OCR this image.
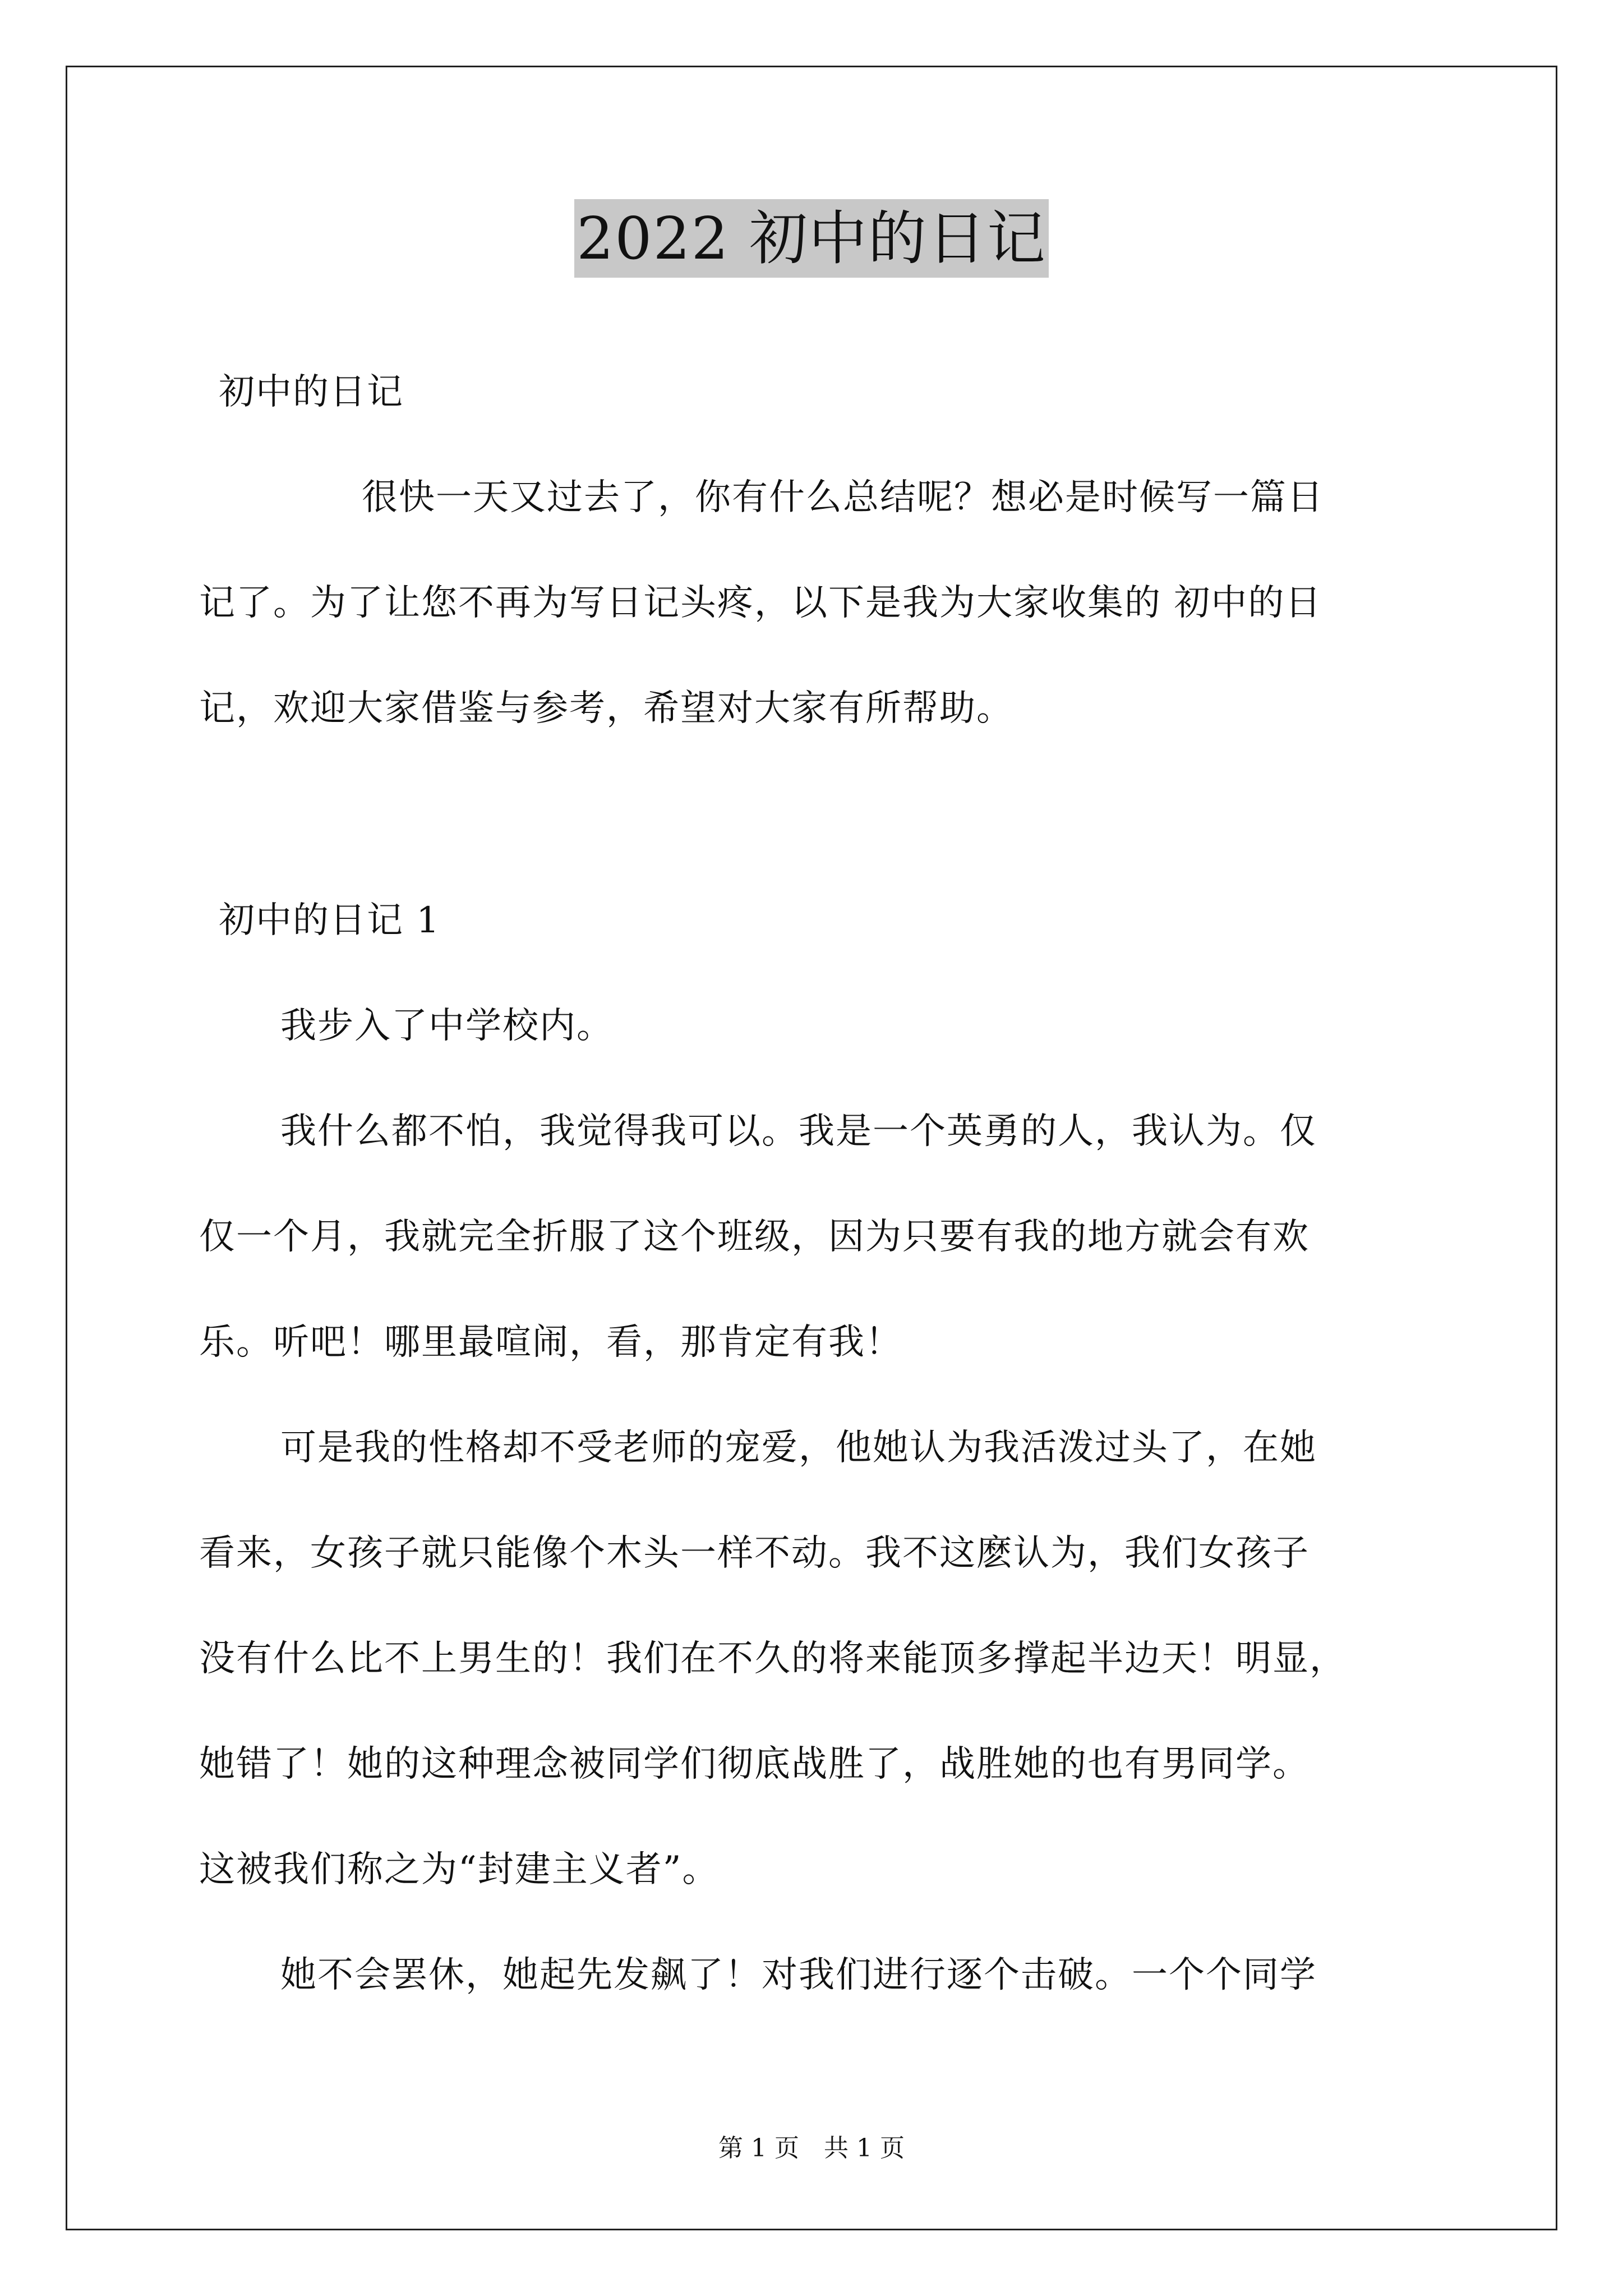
2022 初中的日记
初中的日记
很快一天又过去了，你有什么总结呢？想必是时候写一篇日
记了。为了让您不再为写日记头疼，以下是我为大家收集的 初中的日
记，欢迎大家借鉴与参考，希望对大家有所帮助。
初中的日记 1
我步入了中学校内。
我什么都不怕，我觉得我可以。我是一个英勇的人，我认为。仅
仅一个月，我就完全折服了这个班级，因为只要有我的地方就会有欢
乐。听吧！哪里最喧闹，看，那肯定有我！
可是我的性格却不受老师的宠爱，他她认为我活泼过头了，在她
看来，女孩子就只能像个木头一样不动。我不这麽认为，我们女孩子
没有什么比不上男生的！我们在不久的将来能顶多撑起半边天！明显，
她错了！她的这种理念被同学们彻底战胜了，战胜她的也有男同学。
这被我们称之为“封建主义者”。
她不会罢休，她起先发飙了！对我们进行逐个击破。一个个同学
第 1 页　共 1 页
